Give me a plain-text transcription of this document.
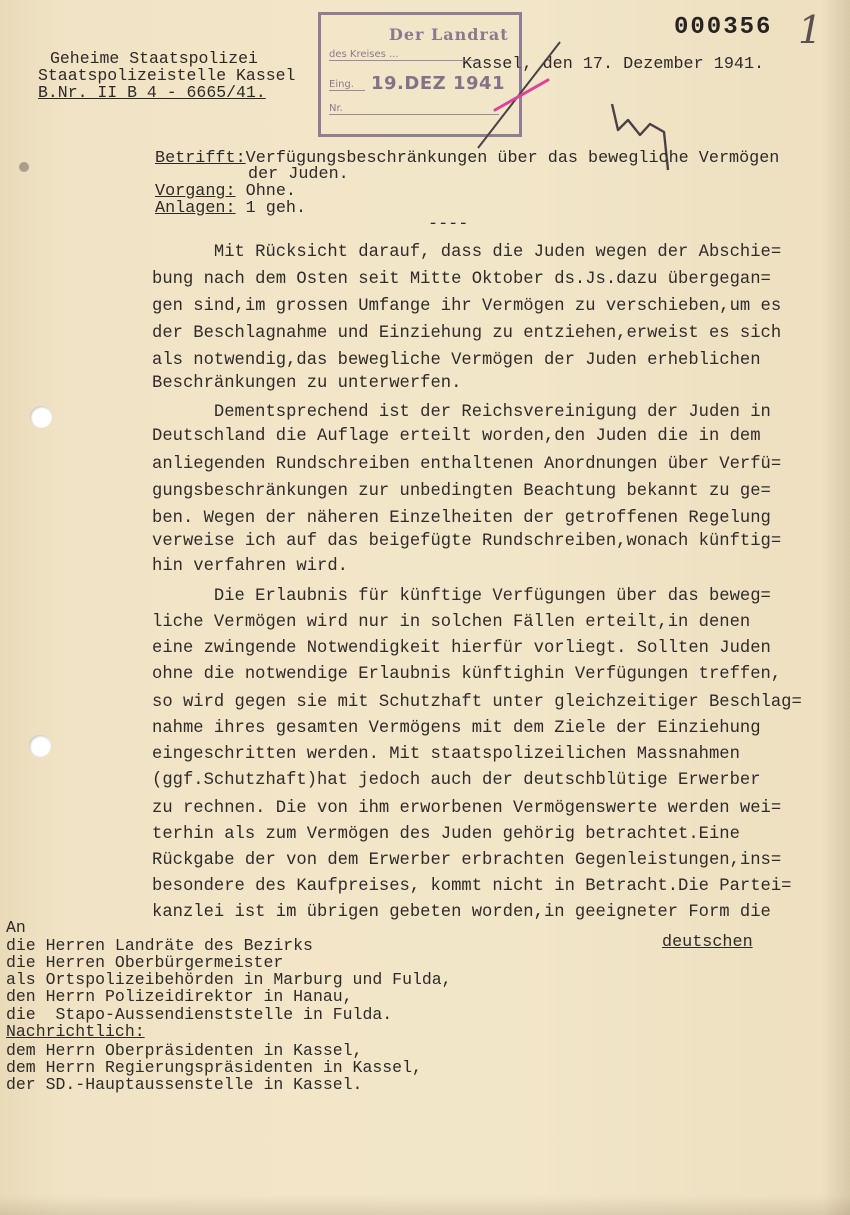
000356 1
Geheime Staatspolizei
Staatspolizeistelle Kassel
B.Nr. II B 4 - 6665/41.
Kassel, den 17. Dezember 1941.
Der Landrat
des Kreises ...
Eing.
Nr.
19.DEZ 1941
Betrifft:Verfügungsbeschränkungen über das bewegliche Vermögen
der Juden.
Vorgang: Ohne.
Anlagen: 1 geh.
----
Mit Rücksicht darauf, dass die Juden wegen der Abschie=
bung nach dem Osten seit Mitte Oktober ds.Js.dazu übergegan=
gen sind,im grossen Umfange ihr Vermögen zu verschieben,um es
der Beschlagnahme und Einziehung zu entziehen,erweist es sich
als notwendig,das bewegliche Vermögen der Juden erheblichen
Beschränkungen zu unterwerfen.
Dementsprechend ist der Reichsvereinigung der Juden in
Deutschland die Auflage erteilt worden,den Juden die in dem
anliegenden Rundschreiben enthaltenen Anordnungen über Verfü=
gungsbeschränkungen zur unbedingten Beachtung bekannt zu ge=
ben. Wegen der näheren Einzelheiten der getroffenen Regelung
verweise ich auf das beigefügte Rundschreiben,wonach künftig=
hin verfahren wird.
Die Erlaubnis für künftige Verfügungen über das beweg=
liche Vermögen wird nur in solchen Fällen erteilt,in denen
eine zwingende Notwendigkeit hierfür vorliegt. Sollten Juden
ohne die notwendige Erlaubnis künftighin Verfügungen treffen,
so wird gegen sie mit Schutzhaft unter gleichzeitiger Beschlag=
nahme ihres gesamten Vermögens mit dem Ziele der Einziehung
eingeschritten werden. Mit staatspolizeilichen Massnahmen
(ggf.Schutzhaft)hat jedoch auch der deutschblütige Erwerber
zu rechnen. Die von ihm erworbenen Vermögenswerte werden wei=
terhin als zum Vermögen des Juden gehörig betrachtet.Eine
Rückgabe der von dem Erwerber erbrachten Gegenleistungen,ins=
besondere des Kaufpreises, kommt nicht in Betracht.Die Partei=
kanzlei ist im übrigen gebeten worden,in geeigneter Form die
deutschen
An
die Herren Landräte des Bezirks
die Herren Oberbürgermeister
als Ortspolizeibehörden in Marburg und Fulda,
den Herrn Polizeidirektor in Hanau,
die  Stapo-Aussendienststelle in Fulda.
Nachrichtlich:
dem Herrn Oberpräsidenten in Kassel,
dem Herrn Regierungspräsidenten in Kassel,
der SD.-Hauptaussenstelle in Kassel.
